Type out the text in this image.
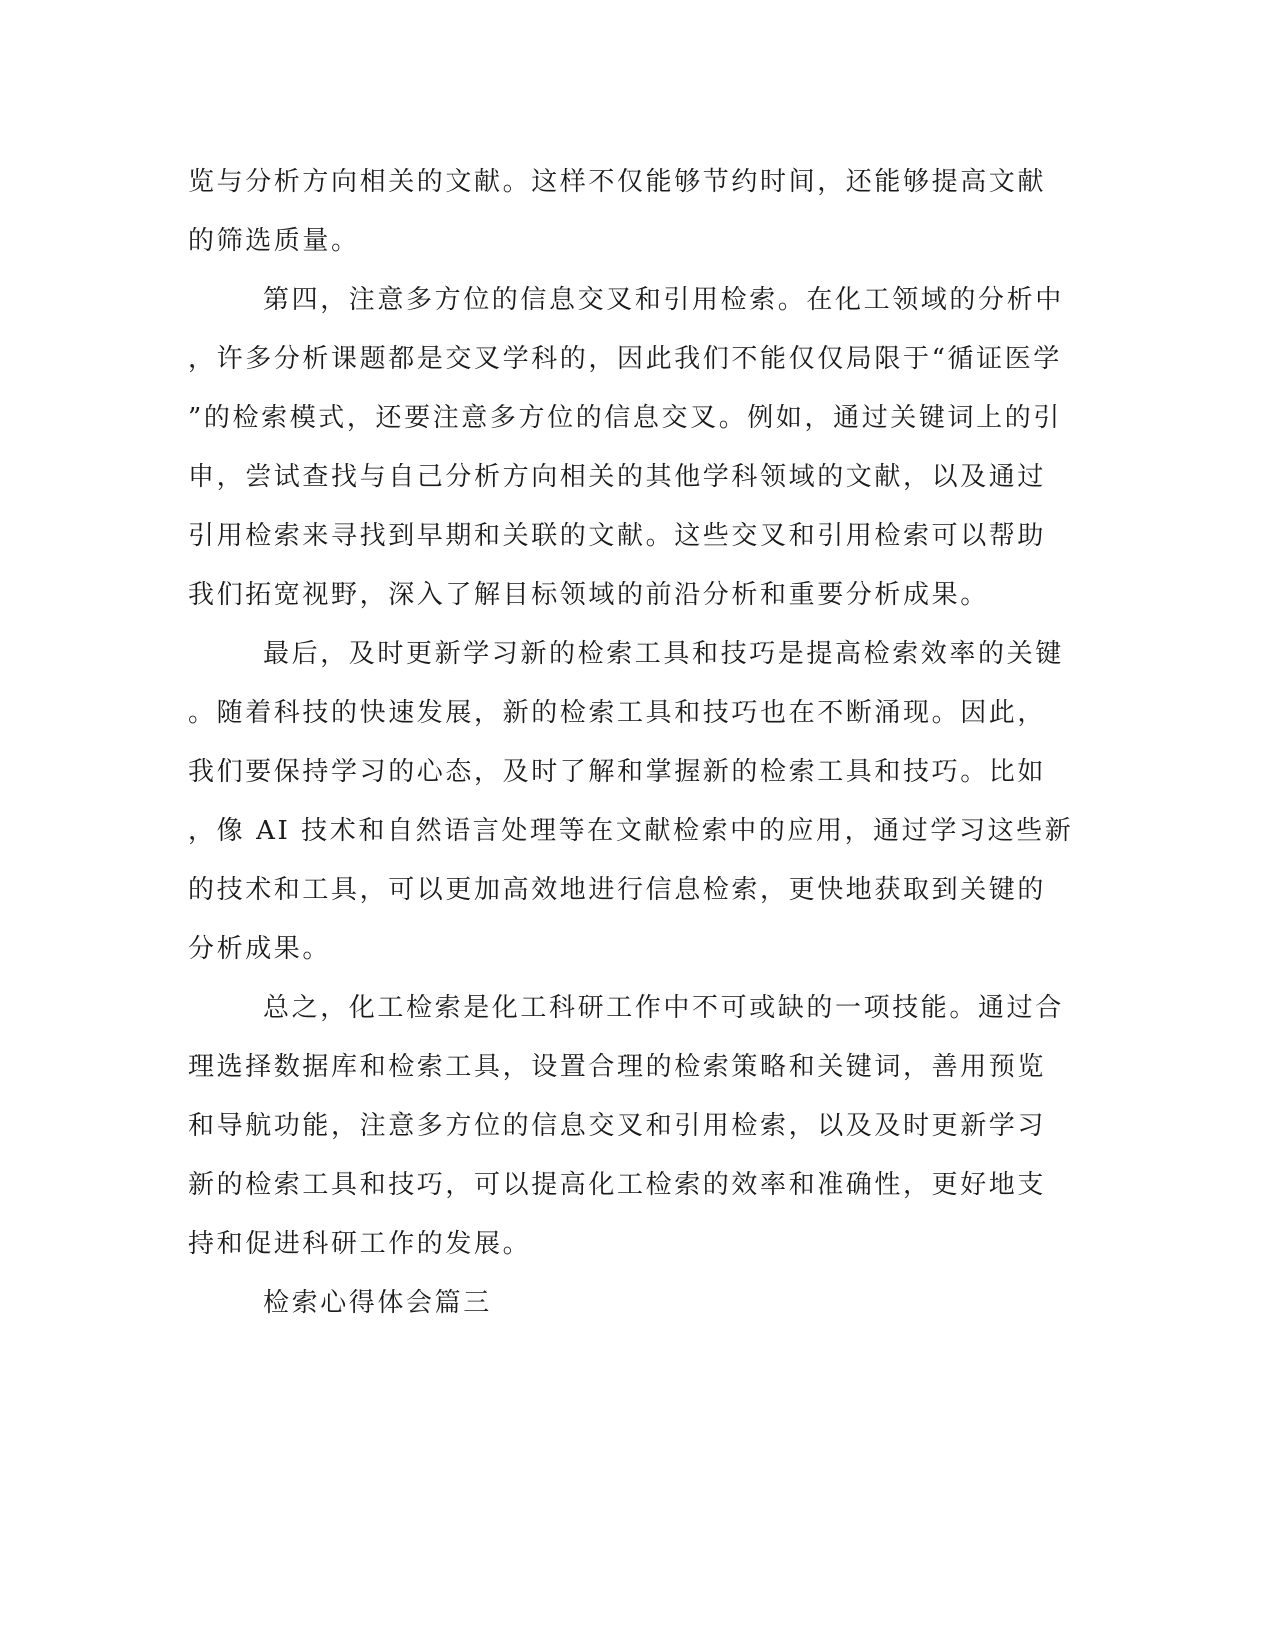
览与分析方向相关的文献。这样不仅能够节约时间，还能够提高文献
的筛选质量。
第四，注意多方位的信息交叉和引用检索。在化工领域的分析中
，许多分析课题都是交叉学科的，因此我们不能仅仅局限于“循证医学
”的检索模式，还要注意多方位的信息交叉。例如，通过关键词上的引
申，尝试查找与自己分析方向相关的其他学科领域的文献，以及通过
引用检索来寻找到早期和关联的文献。这些交叉和引用检索可以帮助
我们拓宽视野，深入了解目标领域的前沿分析和重要分析成果。
最后，及时更新学习新的检索工具和技巧是提高检索效率的关键
。随着科技的快速发展，新的检索工具和技巧也在不断涌现。因此，
我们要保持学习的心态，及时了解和掌握新的检索工具和技巧。比如
，像 AI 技术和自然语言处理等在文献检索中的应用，通过学习这些新
的技术和工具，可以更加高效地进行信息检索，更快地获取到关键的
分析成果。
总之，化工检索是化工科研工作中不可或缺的一项技能。通过合
理选择数据库和检索工具，设置合理的检索策略和关键词，善用预览
和导航功能，注意多方位的信息交叉和引用检索，以及及时更新学习
新的检索工具和技巧，可以提高化工检索的效率和准确性，更好地支
持和促进科研工作的发展。
检索心得体会篇三
